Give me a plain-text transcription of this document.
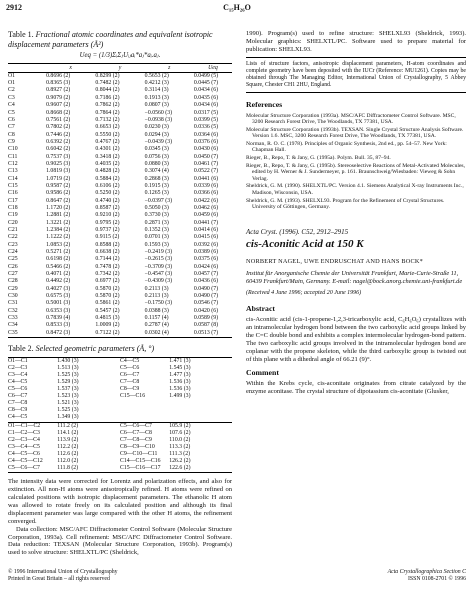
2912	C₁₅H₂₆O
Table 1. Fractional atomic coordinates and equivalent isotropic displacement parameters (Å²)
Ueq = (1/3)ΣᵢΣⱼUᵢⱼaᵢ*aⱼ*aᵢ.aⱼ.
	x	y	z	Ueq
O1	0.8696 (2)	0.8299 (2)	0.5653 (2)	0.0499 (5)
O1	0.8365 (3)	0.7482 (2)	0.4212 (3)	0.0445 (7)
C2	0.8927 (2)	0.8044 (2)	0.3114 (3)	0.0434 (6)
C3	0.9079 (2)	0.7186 (2)	0.1913 (3)	0.0435 (6)
C4	0.9607 (2)	0.7862 (2)	0.0807 (3)	0.0434 (6)
C5	0.8668 (2)	0.7864 (2)	−0.0560 (3)	0.0317 (5)
C6	0.7561 (2)	0.7132 (2)	−0.0938 (3)	0.0399 (5)
C7	0.7802 (2)	0.6653 (2)	0.0230 (3)	0.0336 (5)
C8	0.7446 (2)	0.5550 (2)	0.0294 (3)	0.0364 (6)
C9	0.6392 (2)	0.4767 (2)	−0.0439 (3)	0.0376 (6)
C10	0.6042 (2)	0.4301 (2)	0.0345 (3)	0.0430 (6)
C11	0.7537 (3)	0.3418 (2)	0.0756 (3)	0.0450 (7)
C12	0.9025 (3)	0.4035 (2)	0.0880 (3)	0.0461 (7)
C13	1.0819 (3)	0.4828 (2)	0.3074 (4)	0.0522 (7)
C14	1.0719 (2)	0.5884 (2)	0.2868 (3)	0.0441 (6)
C15	0.9587 (2)	0.6106 (2)	0.1915 (3)	0.0339 (6)
C16	0.9586 (2)	0.5250 (2)	0.1265 (3)	0.0366 (6)
C17	0.8647 (2)	0.4740 (2)	−0.0397 (3)	0.0422 (6)
C18	1.1720 (2)	0.8587 (2)	0.5050 (3)	0.0462 (6)
C19	1.2881 (2)	0.9210 (2)	0.3730 (3)	0.0459 (6)
C20	1.3221 (2)	0.9795 (2)	0.2871 (3)	0.0441 (7)
C21	1.2384 (2)	0.9737 (2)	0.1352 (3)	0.0414 (6)
C22	1.1222 (2)	0.9115 (2)	0.0701 (3)	0.0415 (6)
C23	1.0853 (2)	0.8588 (2)	0.1593 (3)	0.0392 (6)
C24	0.5271 (2)	0.6638 (2)	−0.2419 (3)	0.0389 (6)
C25	0.6198 (2)	0.7144 (2)	−0.2615 (3)	0.0375 (6)
C26	0.5466 (2)	0.7478 (2)	−0.3709 (3)	0.0424 (6)
C27	0.4071 (2)	0.7342 (2)	−0.4547 (3)	0.0457 (7)
C28	0.4492 (2)	0.6977 (2)	−0.4309 (3)	0.0436 (6)
C29	0.4027 (3)	0.5870 (2)	0.2113 (3)	0.0490 (7)
C30	0.6575 (3)	0.5870 (2)	0.2113 (3)	0.0490 (7)
C31	0.5001 (3)	0.5861 (2)	−0.1750 (3)	0.0546 (7)
C32	0.6353 (3)	0.5457 (2)	0.0388 (3)	0.0420 (6)
C33	0.7839 (4)	0.4815 (3)	0.1157 (4)	0.0589 (9)
C34	0.8533 (3)	1.0009 (2)	0.2787 (4)	0.0587 (8)
C35	0.8472 (3)	0.7122 (2)	0.0302 (4)	0.0513 (7)
Table 2. Selected geometric parameters (Å, °)
O1—C1	1.430 (3)	C4—C5	1.471 (3)
C2—C3	1.513 (3)	C5—C6	1.545 (3)
C3—C4	1.525 (3)	C6—C7	1.477 (3)
C4—C5	1.529 (3)	C7—C8	1.536 (3)
C5—C6	1.537 (3)	C8—C9	1.536 (3)
C6—C7	1.523 (3)	C15—C16	1.499 (3)
C7—C8	1.521 (3)		
C8—C9	1.525 (3)		
C4—C5	1.349 (3)		
O1—C1—C2	111.2 (2)	C5—C6—C7	105.9 (2)
C1—C2—C3	114.1 (2)	C6—C7—C8	107.6 (2)
C2—C3—C4	113.9 (2)	C7—C8—C9	110.0 (2)
C3—C4—C5	112.2 (2)	C8—C9—C10	113.3 (2)
C4—C5—C6	112.6 (2)	C9—C10—C11	111.3 (2)
C4—C5—C12	112.0 (2)	C14—C15—C16	126.2 (2)
C5—C6—C7	111.8 (2)	C15—C16—C17	122.6 (2)

The intensity data were corrected for Lorentz and polarization effects, and also for extinction. All non-H atoms were anisotropically refined. H atoms were refined on calculated positions with isotropic displacement parameters. The ethanolic H atom was allowed to rotate freely on its calculated position and although its final displacement parameter was large compared with the other H atoms, the refinement converged.

Data collection: MSC/AFC Diffractometer Control Software (Molecular Structure Corporation, 1993a). Cell refinement: MSC/AFC Diffractometer Control Software. Data reduction: TEXSAN (Molecular Structure Corporation, 1993b). Program(s) used to solve structure: SHELXTL/PC (Sheldrick,

1990). Program(s) used to refine structure: SHELXL93 (Sheldrick, 1993). Molecular graphics: SHELXTL/PC. Software used to prepare material for publication: SHELXL93.

Lists of structure factors, anisotropic displacement parameters, H-atom coordinates and complete geometry have been deposited with the IUCr (Reference: MU1261). Copies may be obtained through The Managing Editor, International Union of Crystallography, 5 Abbey Square, Chester CH1 2HU, England.

References

Molecular Structure Corporation (1993a). MSC/AFC Diffractometer Control Software. MSC, 3200 Research Forest Drive, The Woodlands, TX 77381, USA.

Molecular Structure Corporation (1993b). TEXSAN. Single Crystal Structure Analysis Software. Version 1.6. MSC, 3200 Research Forest Drive, The Woodlands, TX 77381, USA.

Norman, R. O. C. (1978). Principles of Organic Synthesis, 2nd ed., pp. 54–57. New York: Chapman Hall.

Rieger, B., Repo, T. & Jany, G. (1995a). Polym. Bull. 35, 87–94.

Rieger, B., Repo, T. & Jany, G. (1995b). Stereoselective Reactions of Metal-Activated Molecules, edited by H. Werner & J. Sundermeyer, p. 161. Braunschweig/Wiesbaden: Vieweg & Sohn Verlag.

Sheldrick, G. M. (1990). SHELXTL/PC. Version 4.1. Siemens Analytical X-ray Instruments Inc., Madison, Wisconsin, USA.

Sheldrick, G. M. (1993). SHELXL93. Program for the Refinement of Crystal Structures. University of Göttingen, Germany.

Acta Cryst. (1996). C52, 2912–2915
cis-Aconitic Acid at 150 K
NORBERT NAGEL, UWE ENDRUSCHAT AND HANS BOCK*
Institut für Anorganische Chemie der Universität Frankfurt, Marie-Curie-Straße 11, 60439 Frankfurt/Main, Germany. E-mail: nagel@bock.anorg.chemie.uni-frankfurt.de
(Received 4 June 1996; accepted 20 June 1996)
Abstract

cis-Aconitic acid (cis-1-propene-1,2,3-tricarboxylic acid, C₆H₆O₆) crystallizes with an intramolecular hydrogen bond between the two carboxylic acid groups linked by the C=C double bond and exhibits a complex intermolecular hydrogen-bond pattern. The two carboxylic acid groups involved in the intramolecular hydrogen bond are coplanar with the propene skeleton, while the third carboxylic group is twisted out of this plane with a dihedral angle of 66.21 (9)°.

Comment

Within the Krebs cycle, cis-aconitate originates from citrate catalyzed by the enzyme aconitase. The crystal structure of dipotassium cis-aconitate (Glusker,

© 1996 International Union of Crystallography
Printed in Great Britain – all rights reserved
Acta Crystallographica Section C
ISSN 0108-2701 © 1996
